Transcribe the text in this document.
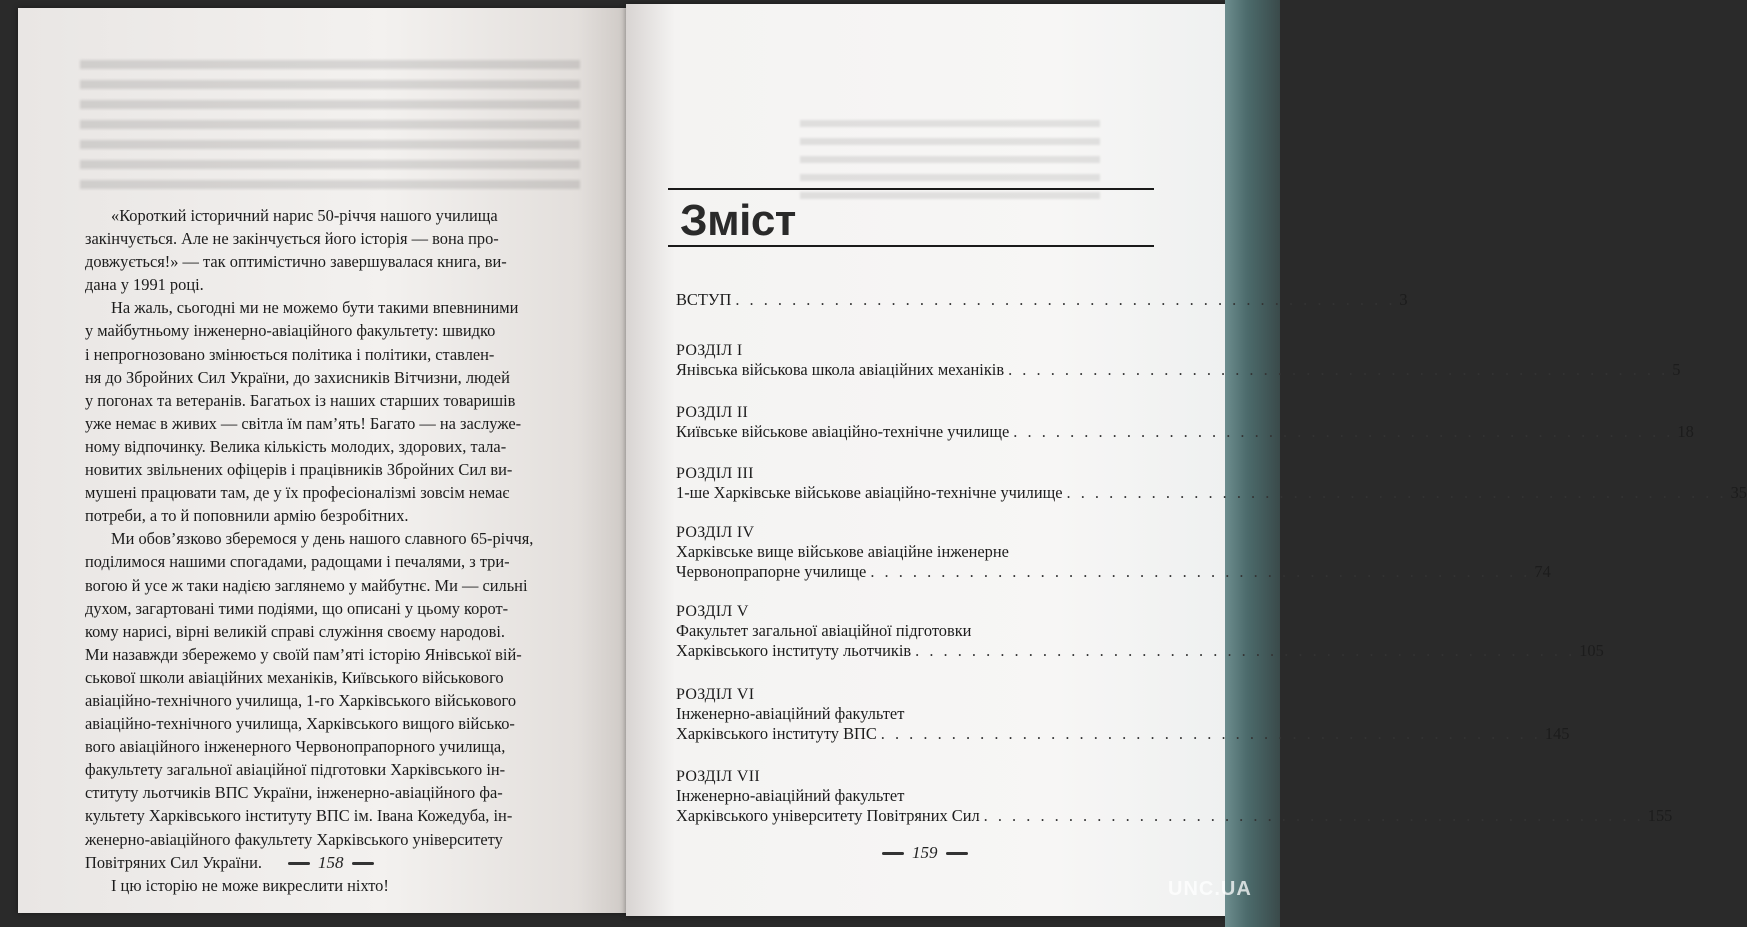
«Короткий історичний нарис 50-річчя нашого училища
закінчується. Але не закінчується його історія — вона про-
довжується!» — так оптимістично завершувалася книга, ви-
дана у 1991 році.

На жаль, сьогодні ми не можемо бути такими впевниними
у майбутньому інженерно-авіаційного факультету: швидко
і непрогнозовано змінюється політика і політики, ставлен-
ня до Збройних Сил України, до захисників Вітчизни, людей
у погонах та ветеранів. Багатьох із наших старших товаришів
уже немає в живих — світла їм пам’ять! Багато — на заслуже-
ному відпочинку. Велика кількість молодих, здорових, тала-
новитих звільнених офіцерів і працівників Збройних Сил ви-
мушені працювати там, де у їх професіоналізмі зовсім немає
потреби, а то й поповнили армію безробітних.

Ми обов’язково зберемося у день нашого славного 65-річчя,
поділимося нашими спогадами, радощами і печалями, з три-
вогою й усе ж таки надією заглянемо у майбутнє. Ми — сильні
духом, загартовані тими подіями, що описані у цьому корот-
кому нарисі, вірні великій справі служіння своєму народові.
Ми назавжди збережемо у своїй пам’яті історію Янівської вій-
ськової школи авіаційних механіків, Київського військового
авіаційно-технічного училища, 1-го Харківського військового
авіаційно-технічного училища, Харківського вищого військо-
вого авіаційного інженерного Червонопрапорного училища,
факультету загальної авіаційної підготовки Харківського ін-
ституту льотчиків ВПС України, інженерно-авіаційного фа-
культету Харківського інституту ВПС ім. Івана Кожедуба, ін-
женерно-авіаційного факультету Харківського університету
Повітряних Сил України.

І цю історію не може викреслити ніхто!

158
Зміст
ВСТУП . . . . . . . . . . . . . . . . . . . . . . . . . . . . . . . . . . . . . . . . . . . . . . . 3
РОЗДІЛ I
Янівська військова школа авіаційних механіків . . . . . . . . . . . . . . . . . . . . . . . . . . . . . . . . . . . . . . . . . . . . . . . 5
РОЗДІЛ II
Київське військове авіаційно-технічне училище . . . . . . . . . . . . . . . . . . . . . . . . . . . . . . . . . . . . . . . . . . . . . . . 18
РОЗДІЛ III
1-ше Харківське військове авіаційно-технічне училище . . . . . . . . . . . . . . . . . . . . . . . . . . . . . . . . . . . . . . . . . . . . . . . 35
РОЗДІЛ IV
Харківське вище військове авіаційне інженерне
Червонопрапорне училище . . . . . . . . . . . . . . . . . . . . . . . . . . . . . . . . . . . . . . . . . . . . . . . 74
РОЗДІЛ V
Факультет загальної авіаційної підготовки
Харківського інституту льотчиків . . . . . . . . . . . . . . . . . . . . . . . . . . . . . . . . . . . . . . . . . . . . . . . 105
РОЗДІЛ VI
Інженерно-авіаційний факультет
Харківського інституту ВПС . . . . . . . . . . . . . . . . . . . . . . . . . . . . . . . . . . . . . . . . . . . . . . . 145
РОЗДІЛ VII
Інженерно-авіаційний факультет
Харківського університету Повітряних Сил . . . . . . . . . . . . . . . . . . . . . . . . . . . . . . . . . . . . . . . . . . . . . . . 155
159
UNC.UA
